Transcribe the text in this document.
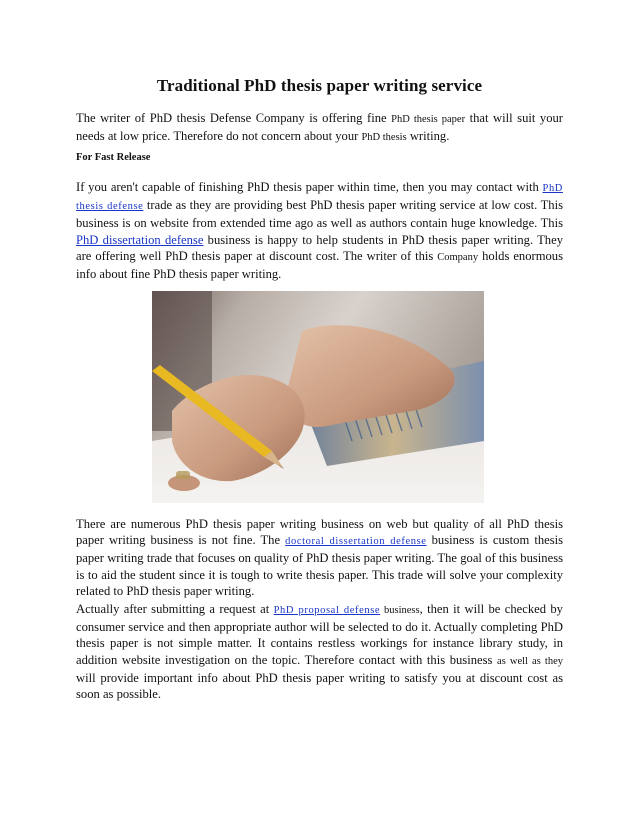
Traditional PhD thesis paper writing service

The writer of PhD thesis Defense Company is offering fine PhD thesis paper that will suit your needs at low price. Therefore do not concern about your PhD thesis writing.

For Fast Release

If you aren't capable of finishing PhD thesis paper within time, then you may contact with PhD thesis defense trade as they are providing best PhD thesis paper writing service at low cost. This business is on website from extended time ago as well as authors contain huge knowledge. This PhD dissertation defense business is happy to help students in PhD thesis paper writing. They are offering well PhD thesis paper at discount cost. The writer of this Company holds enormous info about fine PhD thesis paper writing.

There are numerous PhD thesis paper writing business on web but quality of all PhD thesis paper writing business is not fine. The doctoral dissertation defense business is custom thesis paper writing trade that focuses on quality of PhD thesis paper writing. The goal of this business is to aid the student since it is tough to write thesis paper. This trade will solve your complexity related to PhD thesis paper writing.

Actually after submitting a request at PhD proposal defense business, then it will be checked by consumer service and then appropriate author will be selected to do it. Actually completing PhD thesis paper is not simple matter. It contains restless workings for instance library study, in addition website investigation on the topic. Therefore contact with this business as well as they will provide important info about PhD thesis paper writing to satisfy you at discount cost as soon as possible.
